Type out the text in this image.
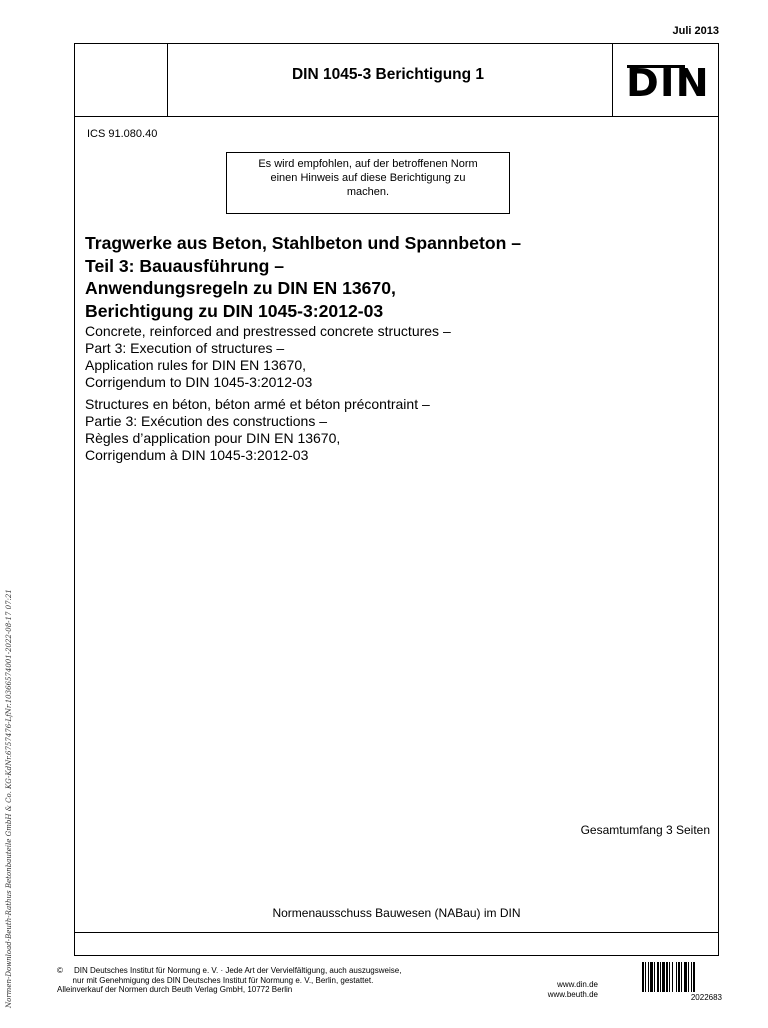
Juli 2013
DIN 1045-3 Berichtigung 1	DIN
ICS 91.080.40
Es wird empfohlen, auf der betroffenen Norm
einen Hinweis auf diese Berichtigung zu
machen.
Tragwerke aus Beton, Stahlbeton und Spannbeton –
Teil 3: Bauausführung –
Anwendungsregeln zu DIN EN 13670,
Berichtigung zu DIN 1045-3:2012-03
Concrete, reinforced and prestressed concrete structures –
Part 3: Execution of structures –
Application rules for DIN EN 13670,
Corrigendum to DIN 1045-3:2012-03
Structures en béton, béton armé et béton précontraint –
Partie 3: Exécution des constructions –
Règles d’application pour DIN EN 13670,
Corrigendum à DIN 1045-3:2012-03
Gesamtumfang 3 Seiten
Normenausschuss Bauwesen (NABau) im DIN
©     DIN Deutsches Institut für Normung e. V. · Jede Art der Vervielfältigung, auch auszugsweise,
nur mit Genehmigung des DIN Deutsches Institut für Normung e. V., Berlin, gestattet.
Alleinverkauf der Normen durch Beuth Verlag GmbH, 10772 Berlin
www.din.de
www.beuth.de	2022683
Normen-Download-Beuth-Rathus Betonbauteile GmbH & Co. KG-KdNr.6757476-LfNr.10366574001-2022-08-17 07:21
